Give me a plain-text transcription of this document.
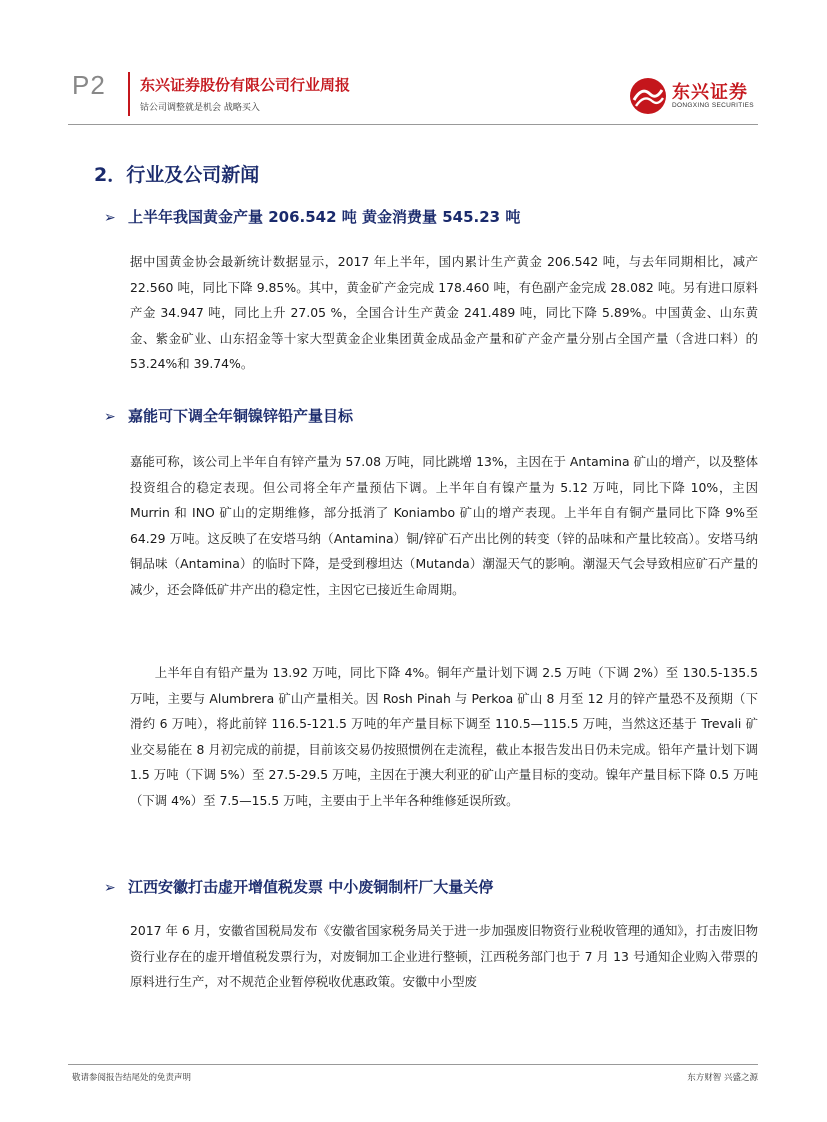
P2 东兴证券股份有限公司行业周报
钴公司调整就是机会 战略买入
东兴证券
DONGXING SECURITIES
2．行业及公司新闻
➢ 上半年我国黄金产量 206.542 吨 黄金消费量 545.23 吨

据中国黄金协会最新统计数据显示，2017 年上半年，国内累计生产黄金 206.542 吨，与去年同期相比，减产 22.560 吨，同比下降 9.85%。其中，黄金矿产金完成 178.460 吨，有色副产金完成 28.082 吨。另有进口原料产金 34.947 吨，同比上升 27.05 %，全国合计生产黄金 241.489 吨，同比下降 5.89%。中国黄金、山东黄金、紫金矿业、山东招金等十家大型黄金企业集团黄金成品金产量和矿产金产量分别占全国产量（含进口料）的 53.24%和 39.74%。

➢ 嘉能可下调全年铜镍锌铅产量目标

嘉能可称，该公司上半年自有锌产量为 57.08 万吨，同比跳增 13%，主因在于 Antamina 矿山的增产，以及整体投资组合的稳定表现。但公司将全年产量预估下调。上半年自有镍产量为 5.12 万吨，同比下降 10%，主因 Murrin 和 INO 矿山的定期维修，部分抵消了 Koniambo 矿山的增产表现。上半年自有铜产量同比下降 9%至 64.29 万吨。这反映了在安塔马纳（Antamina）铜/锌矿石产出比例的转变（锌的品味和产量比较高）。安塔马纳铜品味（Antamina）的临时下降，是受到穆坦达（Mutanda）潮湿天气的影响。潮湿天气会导致相应矿石产量的减少，还会降低矿井产出的稳定性，主因它已接近生命周期。

上半年自有铅产量为 13.92 万吨，同比下降 4%。铜年产量计划下调 2.5 万吨（下调 2%）至 130.5-135.5 万吨，主要与 Alumbrera 矿山产量相关。因 Rosh Pinah 与 Perkoa 矿山 8 月至 12 月的锌产量恐不及预期（下滑约 6 万吨），将此前锌 116.5-121.5 万吨的年产量目标下调至 110.5—115.5 万吨，当然这还基于 Trevali 矿业交易能在 8 月初完成的前提，目前该交易仍按照惯例在走流程，截止本报告发出日仍未完成。铅年产量计划下调 1.5 万吨（下调 5%）至 27.5-29.5 万吨，主因在于澳大利亚的矿山产量目标的变动。镍年产量目标下降 0.5 万吨（下调 4%）至 7.5—15.5 万吨，主要由于上半年各种维修延误所致。

➢ 江西安徽打击虚开增值税发票 中小废铜制杆厂大量关停

2017 年 6 月，安徽省国税局发布《安徽省国家税务局关于进一步加强废旧物资行业税收管理的通知》，打击废旧物资行业存在的虚开增值税发票行为，对废铜加工企业进行整顿，江西税务部门也于 7 月 13 号通知企业购入带票的原料进行生产，对不规范企业暂停税收优惠政策。安徽中小型废

敬请参阅报告结尾处的免责声明	东方财智 兴盛之源
